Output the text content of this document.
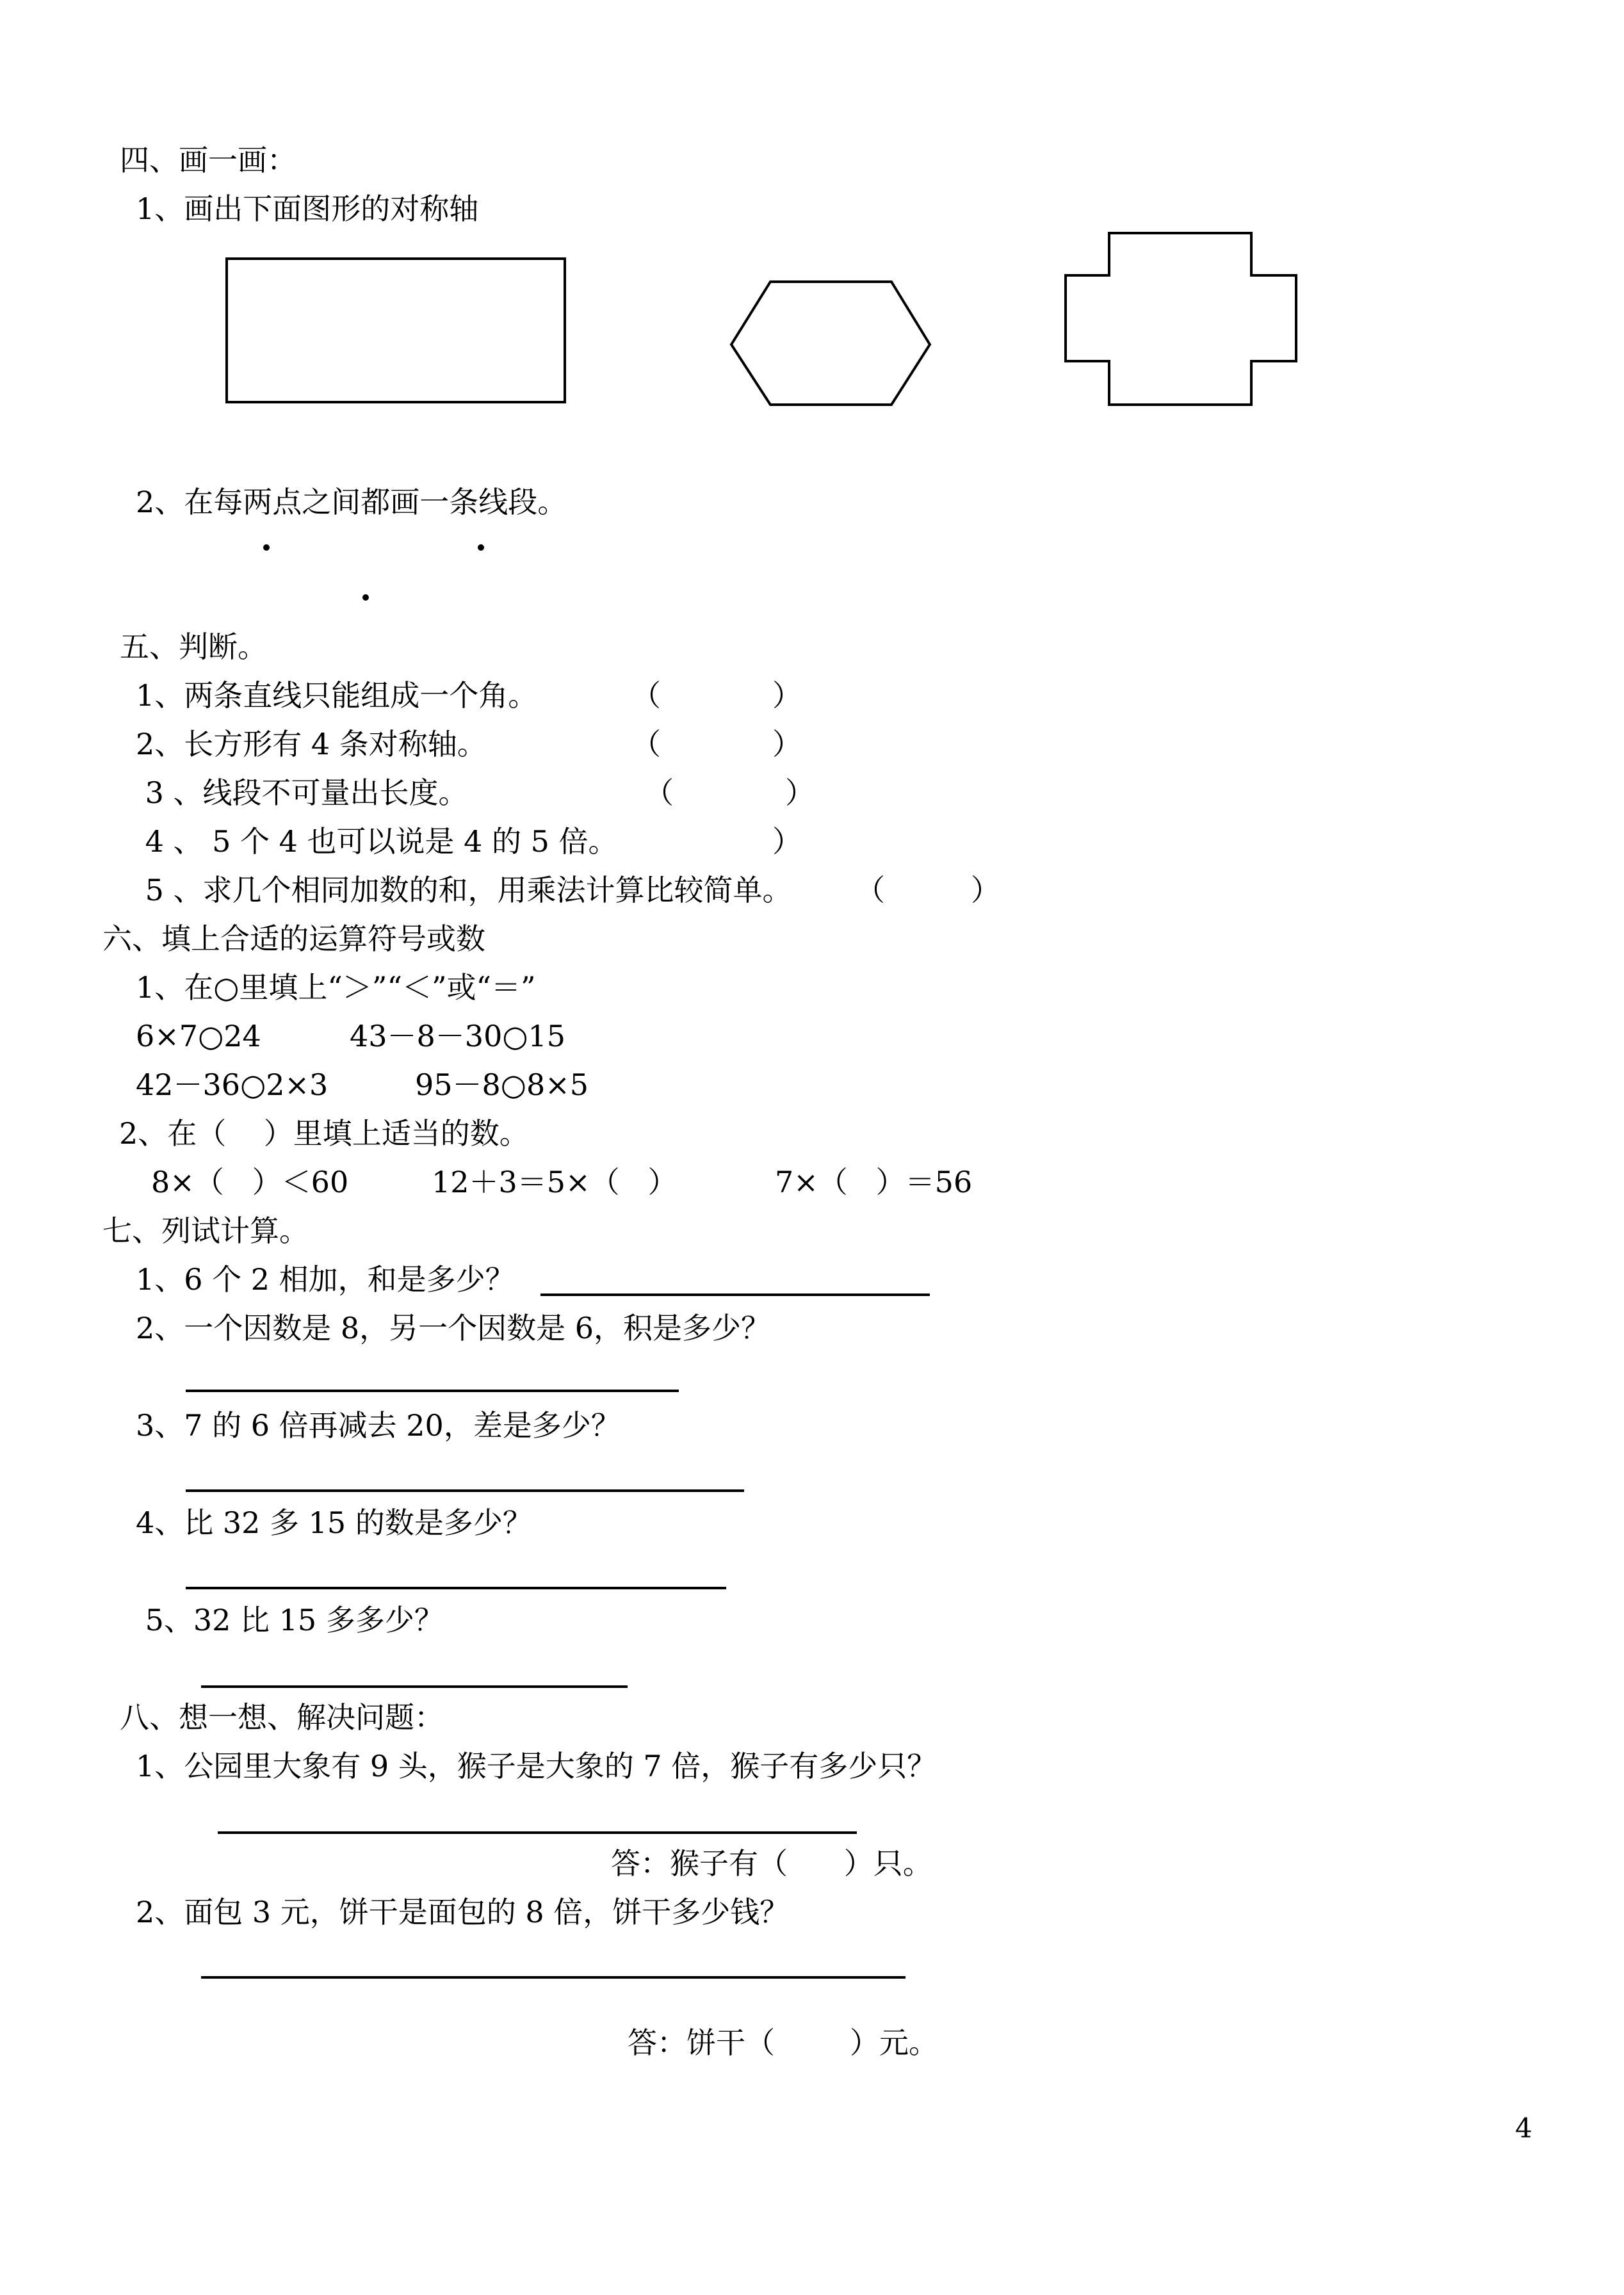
四、画一画：
1、画出下面图形的对称轴
2、在每两点之间都画一条线段。
五、判断。
1、两条直线只能组成一个角。	（	）
2、长方形有 4 条对称轴。	（	）
3 、线段不可量出长度。	（	）
4 、 5 个 4 也可以说是 4 的 5 倍。	）
5 、求几个相同加数的和，用乘法计算比较简单。 （	）
六、填上合适的运算符号或数
1、在○里填上“＞”“＜”或“＝”
6×7○24	43－8－30○15
42－36○2×3	95－8○8×5
2、在（    ）里填上适当的数。
8×（   ）＜60	12＋3＝5×（   ）	7×（   ）＝56
七、列试计算。
1、6 个 2 相加，和是多少？
2、一个因数是 8，另一个因数是 6，积是多少？
3、7 的 6 倍再减去 20，差是多少？
4、比 32 多 15 的数是多少？
5、32 比 15 多多少？
八、想一想、解决问题：
1、公园里大象有 9 头，猴子是大象的 7 倍，猴子有多少只？
答：猴子有（      ）只。
2、面包 3 元，饼干是面包的 8 倍，饼干多少钱？
答：饼干（        ）元。
4
